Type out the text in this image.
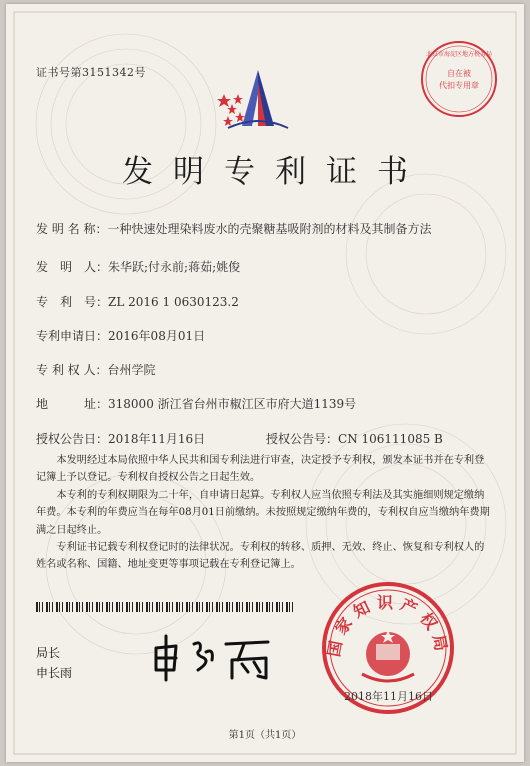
证书号第3151342号	自在被
代扣专用章
北京市海淀区地方税务局
发明专利证书
发 明 名 称：一种快速处理染料废水的壳聚糖基吸附剂的材料及其制备方法
发　明　人：朱华跃;付永前;蒋茹;姚俊
专　利　号：ZL 2016 1 0630123.2
专利申请日：2016年08月01日
专 利 权 人：台州学院
地　　　址：318000 浙江省台州市椒江区市府大道1139号
授权公告日：2018年11月16日	授权公告号：CN 106111085 B

本发明经过本局依照中华人民共和国专利法进行审查，决定授予专利权，颁发本证书并在专利登记簿上予以登记。专利权自授权公告之日起生效。

本专利的专利权期限为二十年，自申请日起算。专利权人应当依照专利法及其实施细则规定缴纳年费。本专利的年费应当在每年08月01日前缴纳。未按照规定缴纳年费的，专利权自应当缴纳年费期满之日起终止。

专利证书记载专利权登记时的法律状况。专利权的转移、质押、无效、终止、恢复和专利权人的姓名或名称、国籍、地址变更等事项记载在专利登记簿上。

局长
申长雨
国家知识产权局
2018年11月16日
第1页（共1页）
